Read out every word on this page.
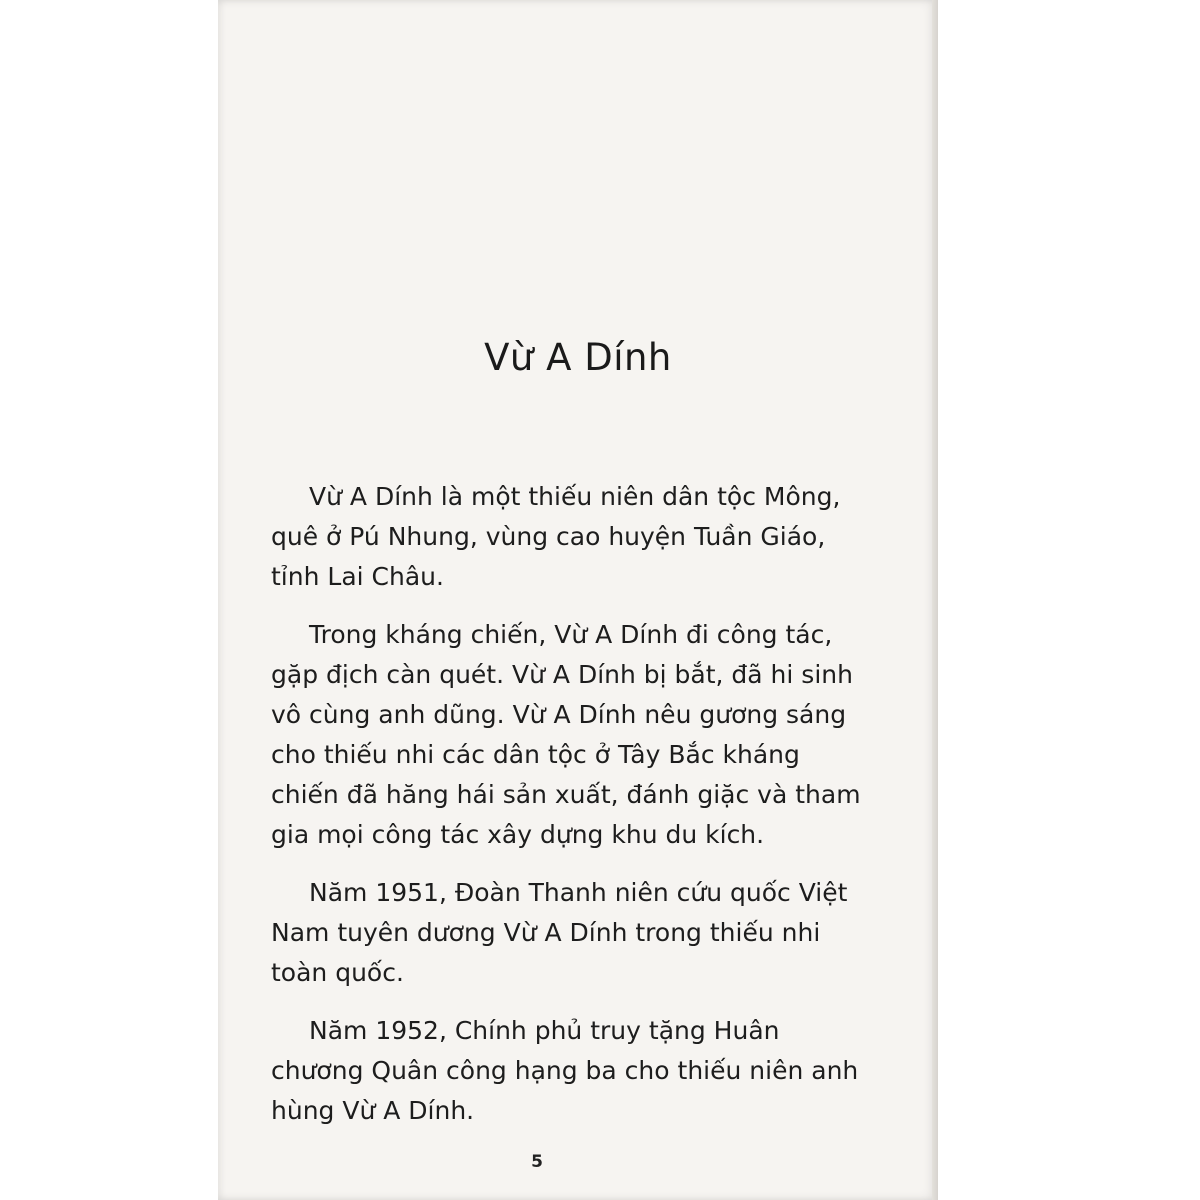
Vừ A Dính

Vừ A Dính là một thiếu niên dân tộc Mông, quê ở Pú Nhung, vùng cao huyện Tuần Giáo, tỉnh Lai Châu.

Trong kháng chiến, Vừ A Dính đi công tác, gặp địch càn quét. Vừ A Dính bị bắt, đã hi sinh vô cùng anh dũng. Vừ A Dính nêu gương sáng cho thiếu nhi các dân tộc ở Tây Bắc kháng chiến đã hăng hái sản xuất, đánh giặc và tham gia mọi công tác xây dựng khu du kích.

Năm 1951, Đoàn Thanh niên cứu quốc Việt Nam tuyên dương Vừ A Dính trong thiếu nhi toàn quốc.

Năm 1952, Chính phủ truy tặng Huân chương Quân công hạng ba cho thiếu niên anh hùng Vừ A Dính.

5
